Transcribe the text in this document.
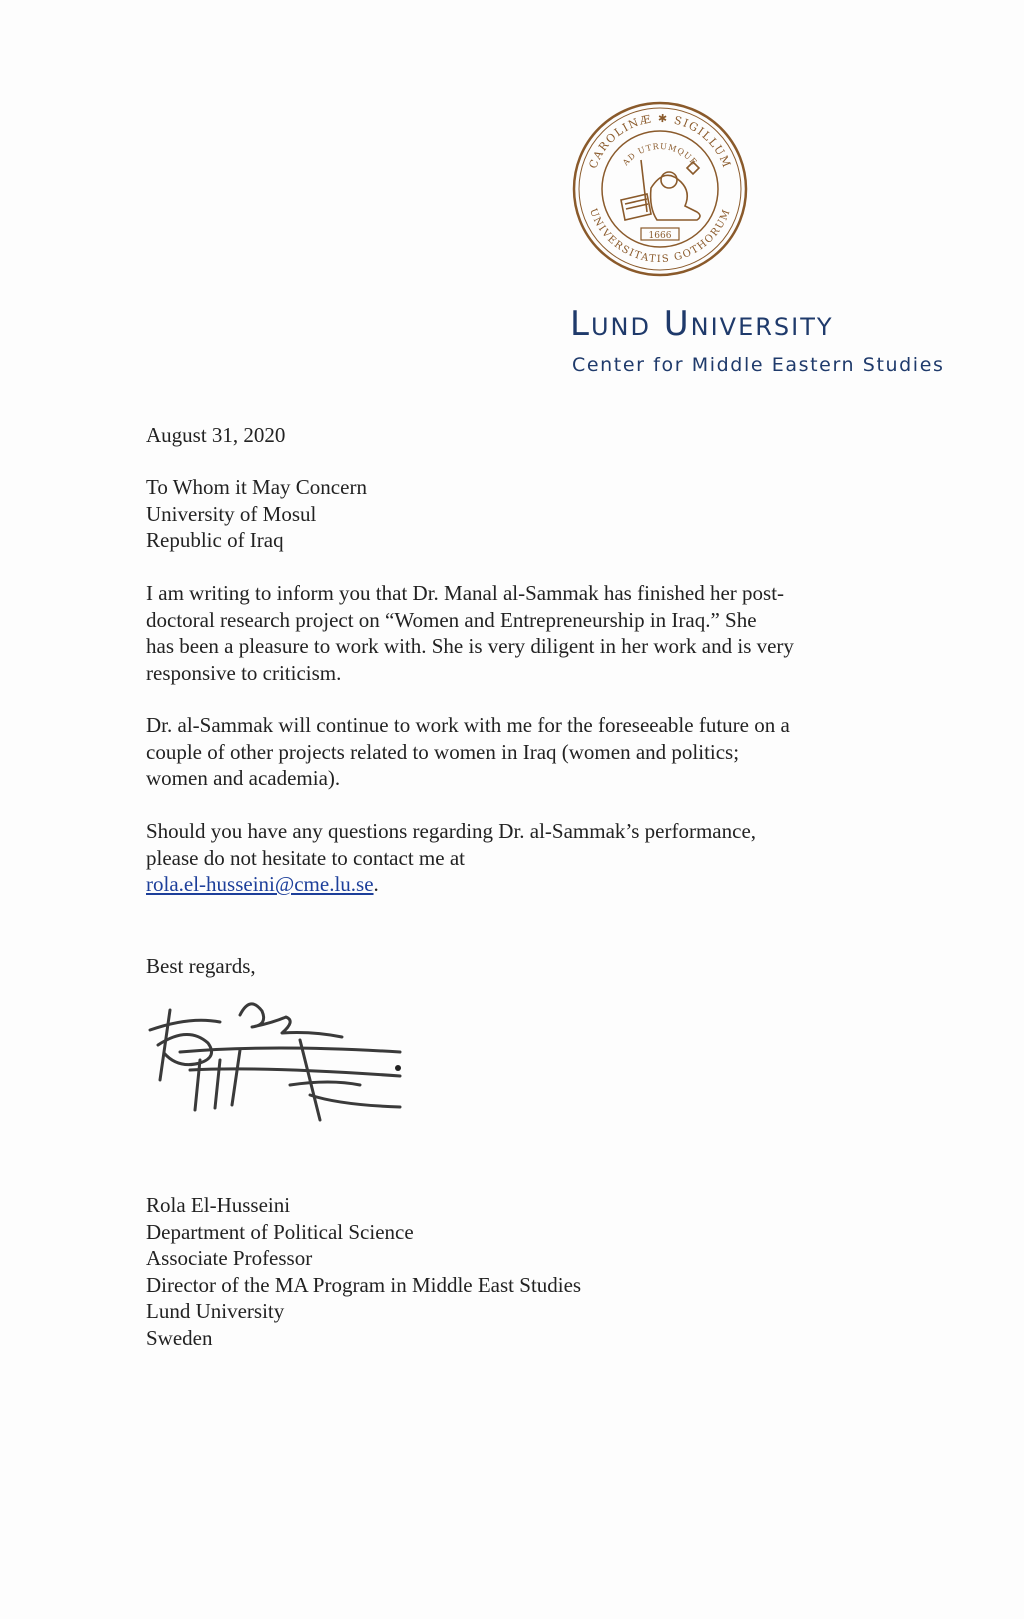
CAROLINÆ ✱ SIGILLUM
UNIVERSITATIS GOTHORUM
AD UTRUMQUE
1666
Lund University
Center for Middle Eastern Studies
August 31, 2020
To Whom it May Concern
University of Mosul
Republic of Iraq
I am writing to inform you that Dr. Manal al-Sammak has finished her post-
doctoral research project on “Women and Entrepreneurship in Iraq.” She
has been a pleasure to work with. She is very diligent in her work and is very
responsive to criticism.
Dr. al-Sammak will continue to work with me for the foreseeable future on a
couple of other projects related to women in Iraq (women and politics;
women and academia).
Should you have any questions regarding Dr. al-Sammak’s performance,
please do not hesitate to contact me at
rola.el-husseini@cme.lu.se.
Best regards,
Rola El-Husseini
Department of Political Science
Associate Professor
Director of the MA Program in Middle East Studies
Lund University
Sweden
